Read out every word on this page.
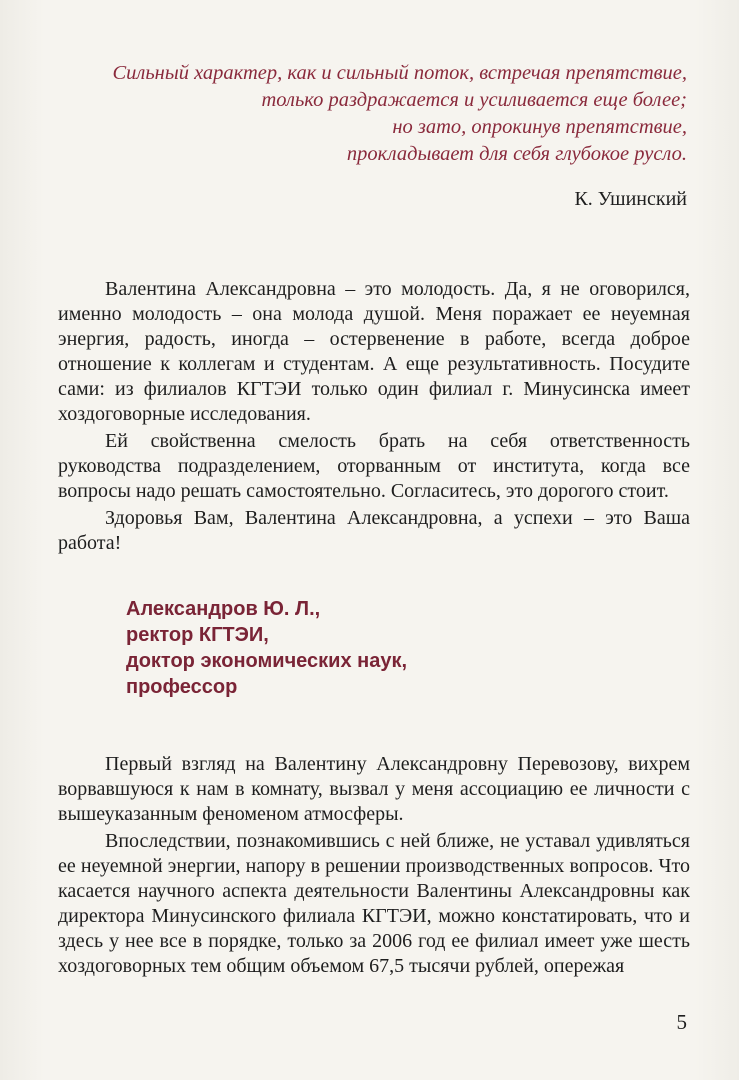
Сильный характер, как и сильный поток, встречая препятствие,
только раздражается и усиливается еще более;
но зато, опрокинув препятствие,
прокладывает для себя глубокое русло.
К. Ушинский

Валентина Александровна – это молодость. Да, я не оговорился, именно молодость – она молода душой. Меня поражает ее неуемная энергия, радость, иногда – остервенение в работе, всегда доброе отношение к коллегам и студентам. А еще результативность. Посудите сами: из филиалов КГТЭИ только один филиал г. Минусинска имеет хоздоговорные исследования.

Ей свойственна смелость брать на себя ответственность руководства подразделением, оторванным от института, когда все вопросы надо решать самостоятельно. Согласитесь, это дорогого стоит.

Здоровья Вам, Валентина Александровна, а успехи – это Ваша работа!

Александров Ю. Л.,
ректор КГТЭИ,
доктор экономических наук,
профессор

Первый взгляд на Валентину Александровну Перевозову, вихрем ворвавшуюся к нам в комнату, вызвал у меня ассоциацию ее личности с вышеуказанным феноменом атмосферы.

Впоследствии, познакомившись с ней ближе, не уставал удивляться ее неуемной энергии, напору в решении производственных вопросов. Что касается научного аспекта деятельности Валентины Александровны как директора Минусинского филиала КГТЭИ, можно констатировать, что и здесь у нее все в порядке, только за 2006 год ее филиал имеет уже шесть хоздоговорных тем общим объемом 67,5 тысячи рублей, опережая

5
